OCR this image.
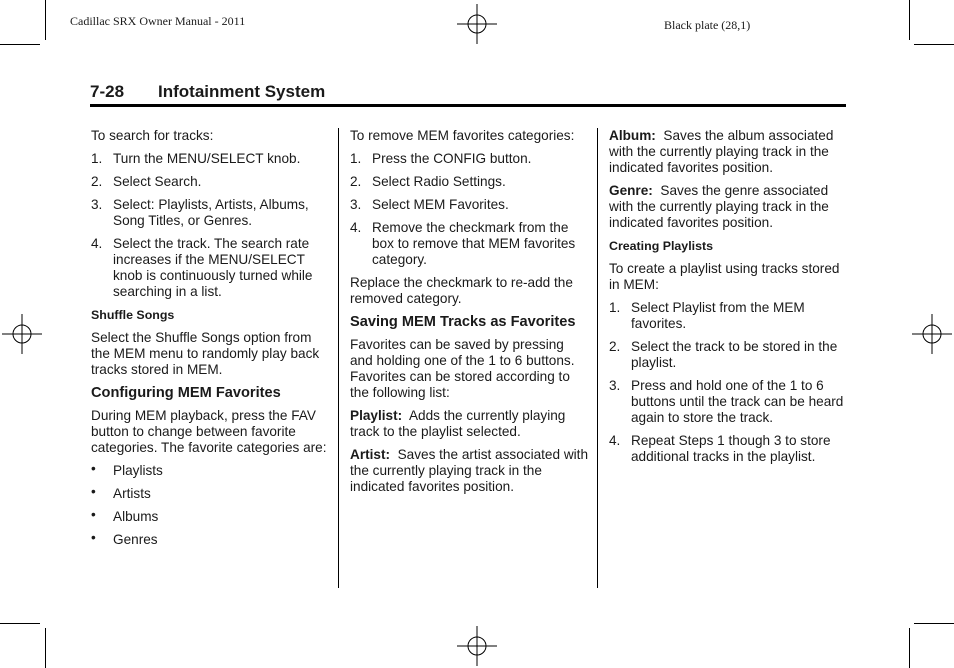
Cadillac SRX Owner Manual - 2011	Black plate (28,1)
7-28 Infotainment System

To search for tracks:

1. Turn the MENU/SELECT knob.
2. Select Search.
3. Select: Playlists, Artists, Albums, Song Titles, or Genres.
4. Select the track. The search rate increases if the MENU/SELECT knob is continuously turned while searching in a list.
Shuffle Songs

Select the Shuffle Songs option from the MEM menu to randomly play back tracks stored in MEM.

Configuring MEM Favorites

During MEM playback, press the FAV button to change between favorite categories. The favorite categories are:

• Playlists
• Artists
• Albums
• Genres

To remove MEM favorites categories:

1. Press the CONFIG button.
2. Select Radio Settings.
3. Select MEM Favorites.
4. Remove the checkmark from the box to remove that MEM favorites category.

Replace the checkmark to re-add the removed category.

Saving MEM Tracks as Favorites

Favorites can be saved by pressing and holding one of the 1 to 6 buttons. Favorites can be stored according to the following list:

Playlist: Adds the currently playing track to the playlist selected.

Artist: Saves the artist associated with the currently playing track in the indicated favorites position.

Album: Saves the album associated with the currently playing track in the indicated favorites position.

Genre: Saves the genre associated with the currently playing track in the indicated favorites position.

Creating Playlists

To create a playlist using tracks stored in MEM:

1. Select Playlist from the MEM favorites.
2. Select the track to be stored in the playlist.
3. Press and hold one of the 1 to 6 buttons until the track can be heard again to store the track.
4. Repeat Steps 1 though 3 to store additional tracks in the playlist.
